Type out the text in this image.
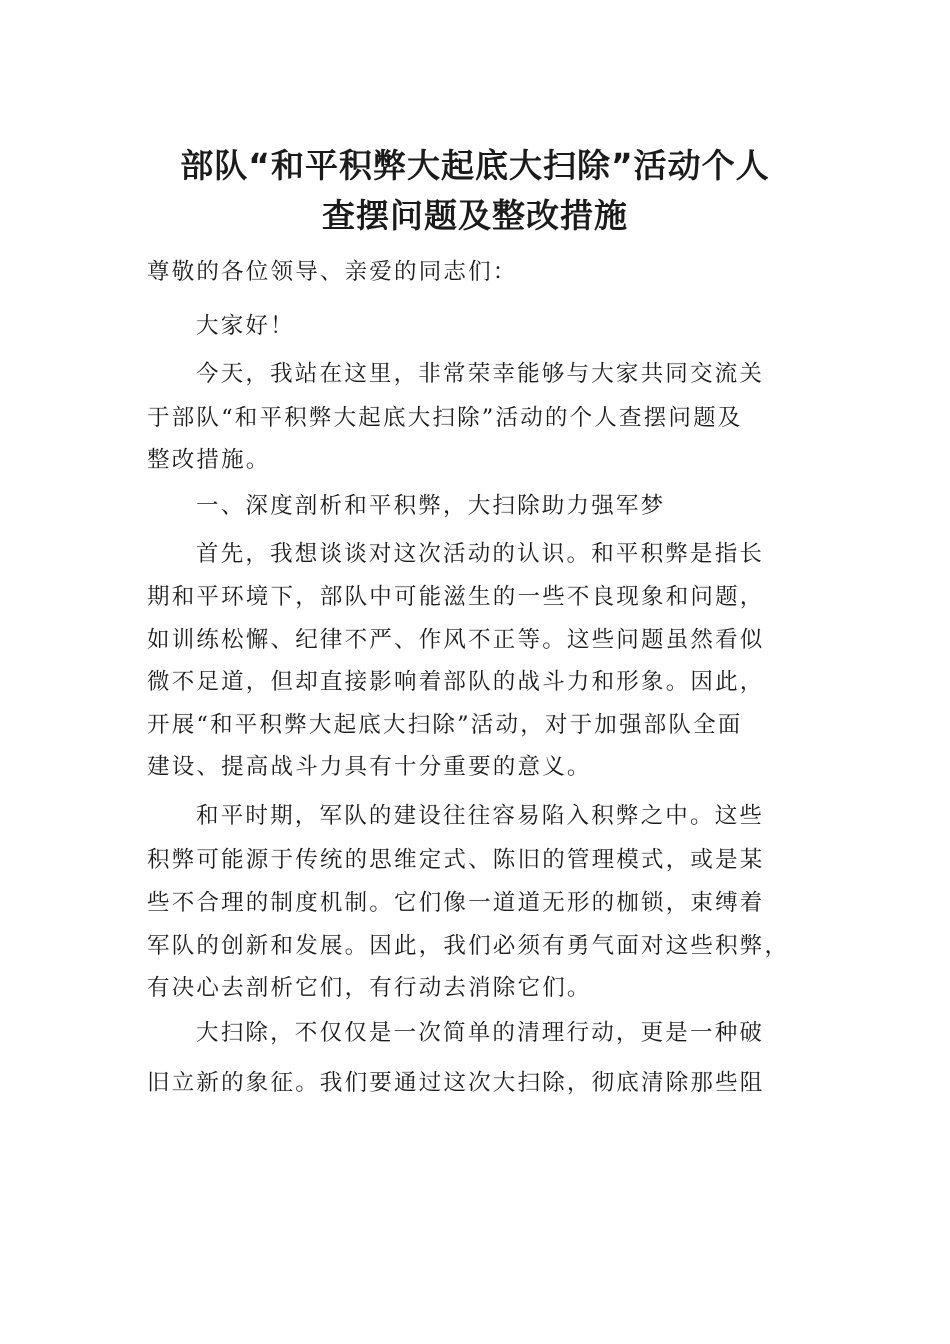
部队“和平积弊大起底大扫除”活动个人
查摆问题及整改措施

尊敬的各位领导、亲爱的同志们：

大家好！

今天，我站在这里，非常荣幸能够与大家共同交流关

于部队“和平积弊大起底大扫除”活动的个人查摆问题及

整改措施。

一、深度剖析和平积弊，大扫除助力强军梦

首先，我想谈谈对这次活动的认识。和平积弊是指长

期和平环境下，部队中可能滋生的一些不良现象和问题，

如训练松懈、纪律不严、作风不正等。这些问题虽然看似

微不足道，但却直接影响着部队的战斗力和形象。因此，

开展“和平积弊大起底大扫除”活动，对于加强部队全面

建设、提高战斗力具有十分重要的意义。

和平时期，军队的建设往往容易陷入积弊之中。这些

积弊可能源于传统的思维定式、陈旧的管理模式，或是某

些不合理的制度机制。它们像一道道无形的枷锁，束缚着

军队的创新和发展。因此，我们必须有勇气面对这些积弊，

有决心去剖析它们，有行动去消除它们。

大扫除，不仅仅是一次简单的清理行动，更是一种破

旧立新的象征。我们要通过这次大扫除，彻底清除那些阻
